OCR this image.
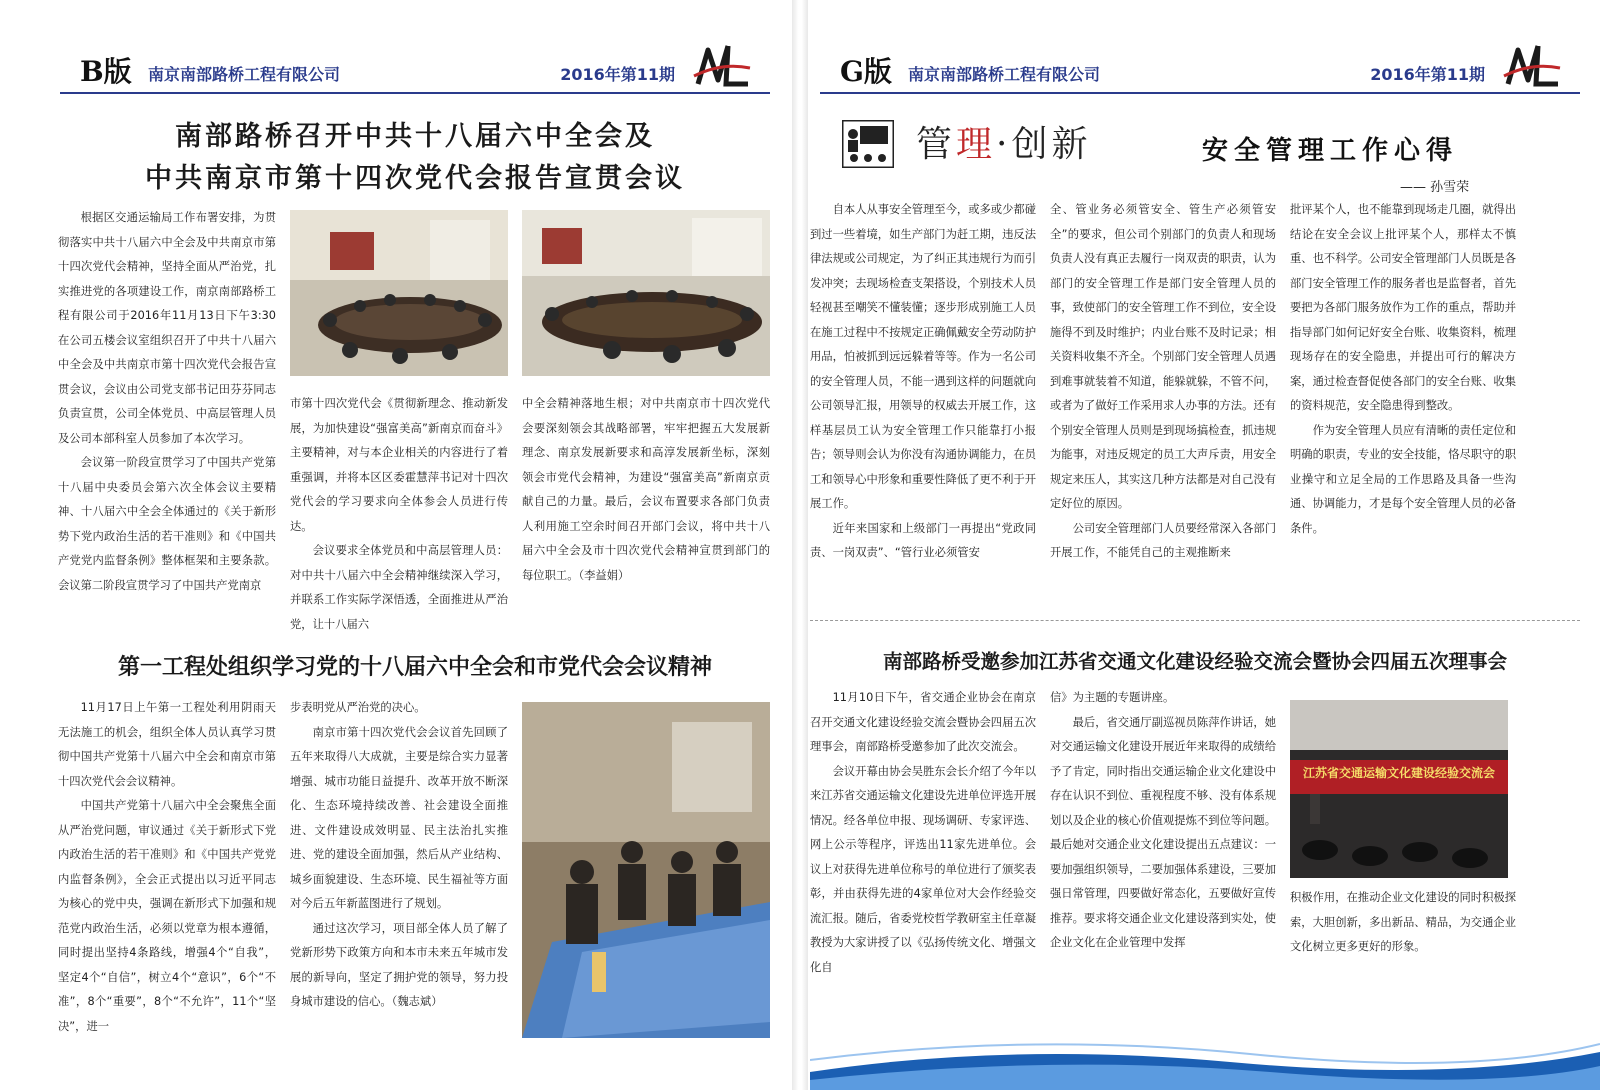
B版 南京南部路桥工程有限公司	2016年第11期
南部路桥召开中共十八届六中全会及
中共南京市第十四次党代会报告宣贯会议

根据区交通运输局工作布署安排，为贯彻落实中共十八届六中全会及中共南京市第十四次党代会精神，坚持全面从严治党，扎实推进党的各项建设工作，南京南部路桥工程有限公司于2016年11月13日下午3:30在公司五楼会议室组织召开了中共十八届六中全会及中共南京市第十四次党代会报告宣贯会议，会议由公司党支部书记田芬芬同志负责宣贯，公司全体党员、中高层管理人员及公司本部科室人员参加了本次学习。

会议第一阶段宣贯学习了中国共产党第十八届中央委员会第六次全体会议主要精神、十八届六中全会全体通过的《关于新形势下党内政治生活的若干准则》和《中国共产党党内监督条例》整体框架和主要条款。会议第二阶段宣贯学习了中国共产党南京

市第十四次党代会《贯彻新理念、推动新发展，为加快建设“强富美高”新南京而奋斗》主要精神，对与本企业相关的内容进行了着重强调，并将本区区委霍慧萍书记对十四次党代会的学习要求向全体参会人员进行传达。

会议要求全体党员和中高层管理人员：对中共十八届六中全会精神继续深入学习，并联系工作实际学深悟透，全面推进从严治党，让十八届六

中全会精神落地生根；对中共南京市十四次党代会要深刻领会其战略部署，牢牢把握五大发展新理念、南京发展新要求和高淳发展新坐标，深刻领会市党代会精神，为建设“强富美高”新南京贡献自己的力量。最后，会议布置要求各部门负责人利用施工空余时间召开部门会议，将中共十八届六中全会及市十四次党代会精神宣贯到部门的每位职工。（李益娟）

第一工程处组织学习党的十八届六中全会和市党代会会议精神

11月17日上午第一工程处利用阴雨天无法施工的机会，组织全体人员认真学习贯彻中国共产党第十八届六中全会和南京市第十四次党代会会议精神。

中国共产党第十八届六中全会聚焦全面从严治党问题，审议通过《关于新形式下党内政治生活的若干准则》和《中国共产党党内监督条例》，全会正式提出以习近平同志为核心的党中央，强调在新形式下加强和规范党内政治生活，必须以党章为根本遵循，同时提出坚持4条路线，增强4个“自我”，坚定4个“自信”，树立4个“意识”，6个“不准”，8个“重要”，8个“不允许”，11个“坚决”，进一

步表明党从严治党的决心。

南京市第十四次党代会会议首先回顾了五年来取得八大成就，主要是综合实力显著增强、城市功能日益提升、改革开放不断深化、生态环境持续改善、社会建设全面推进、文件建设成效明显、民主法治扎实推进、党的建设全面加强，然后从产业结构、城乡面貌建设、生态环境、民生福祉等方面对今后五年新蓝图进行了规划。

通过这次学习，项目部全体人员了解了党新形势下政策方向和本市未来五年城市发展的新导向，坚定了拥护党的领导，努力投身城市建设的信心。（魏志斌）

G版 南京南部路桥工程有限公司	2016年第11期
管理·创新	安全管理工作心得
—— 孙雪荣

自本人从事安全管理至今，或多或少都碰到过一些着境，如生产部门为赶工期，违反法律法规或公司规定，为了纠正其违规行为而引发冲突；去现场检查支架搭设，个别技术人员轻视甚至嘲笑不懂装懂；逐步形成别施工人员在施工过程中不按规定正确佩戴安全劳动防护用品，怕被抓到远远躲着等等。作为一名公司的安全管理人员，不能一遇到这样的问题就向公司领导汇报，用领导的权威去开展工作，这样基层员工认为安全管理工作只能靠打小报告；领导则会认为你没有沟通协调能力，在员工和领导心中形象和重要性降低了更不利于开展工作。

近年来国家和上级部门一再提出“党政同责、一岗双责”、“管行业必须管安

全、管业务必须管安全、管生产必须管安全”的要求，但公司个别部门的负责人和现场负责人没有真正去履行一岗双责的职责，认为部门的安全管理工作是部门安全管理人员的事，致使部门的安全管理工作不到位，安全设施得不到及时维护；内业台账不及时记录；相关资料收集不齐全。个别部门安全管理人员遇到难事就装着不知道，能躲就躲，不管不问，或者为了做好工作采用求人办事的方法。还有个别安全管理人员则是到现场搞检查，抓违规为能事，对违反规定的员工大声斥责，用安全规定来压人，其实这几种方法都是对自己没有定好位的原因。

公司安全管理部门人员要经常深入各部门开展工作，不能凭自己的主观推断来

批评某个人，也不能靠到现场走几圈，就得出结论在安全会议上批评某个人，那样太不慎重、也不科学。公司安全管理部门人员既是各部门安全管理工作的服务者也是监督者，首先要把为各部门服务放作为工作的重点，帮助并指导部门如何记好安全台账、收集资料，梳理现场存在的安全隐患，并提出可行的解决方案，通过检查督促使各部门的安全台账、收集的资料规范，安全隐患得到整改。

作为安全管理人员应有清晰的责任定位和明确的职责，专业的安全技能，恪尽职守的职业操守和立足全局的工作思路及具备一些沟通、协调能力，才是每个安全管理人员的必备条件。

南部路桥受邀参加江苏省交通文化建设经验交流会暨协会四届五次理事会

11月10日下午，省交通企业协会在南京召开交通文化建设经验交流会暨协会四届五次理事会，南部路桥受邀参加了此次交流会。

会议开幕由协会吴胜东会长介绍了今年以来江苏省交通运输文化建设先进单位评选开展情况。经各单位申报、现场调研、专家评选、网上公示等程序，评选出11家先进单位。会议上对获得先进单位称号的单位进行了颁奖表彰，并由获得先进的4家单位对大会作经验交流汇报。随后，省委党校哲学教研室主任章凝教授为大家讲授了以《弘扬传统文化、增强文化自

信》为主题的专题讲座。

最后，省交通厅副巡视员陈萍作讲话，她对交通运输文化建设开展近年来取得的成绩给予了肯定，同时指出交通运输企业文化建设中存在认识不到位、重视程度不够、没有体系规划以及企业的核心价值观提炼不到位等问题。最后她对交通企业文化建设提出五点建议：一要加强组织领导，二要加强体系建设，三要加强日常管理，四要做好常态化，五要做好宣传推荐。要求将交通企业文化建设落到实处，使企业文化在企业管理中发挥

江苏省交通运输文化建设经验交流会

积极作用，在推动企业文化建设的同时积极探索，大胆创新，多出新品、精品，为交通企业文化树立更多更好的形象。
